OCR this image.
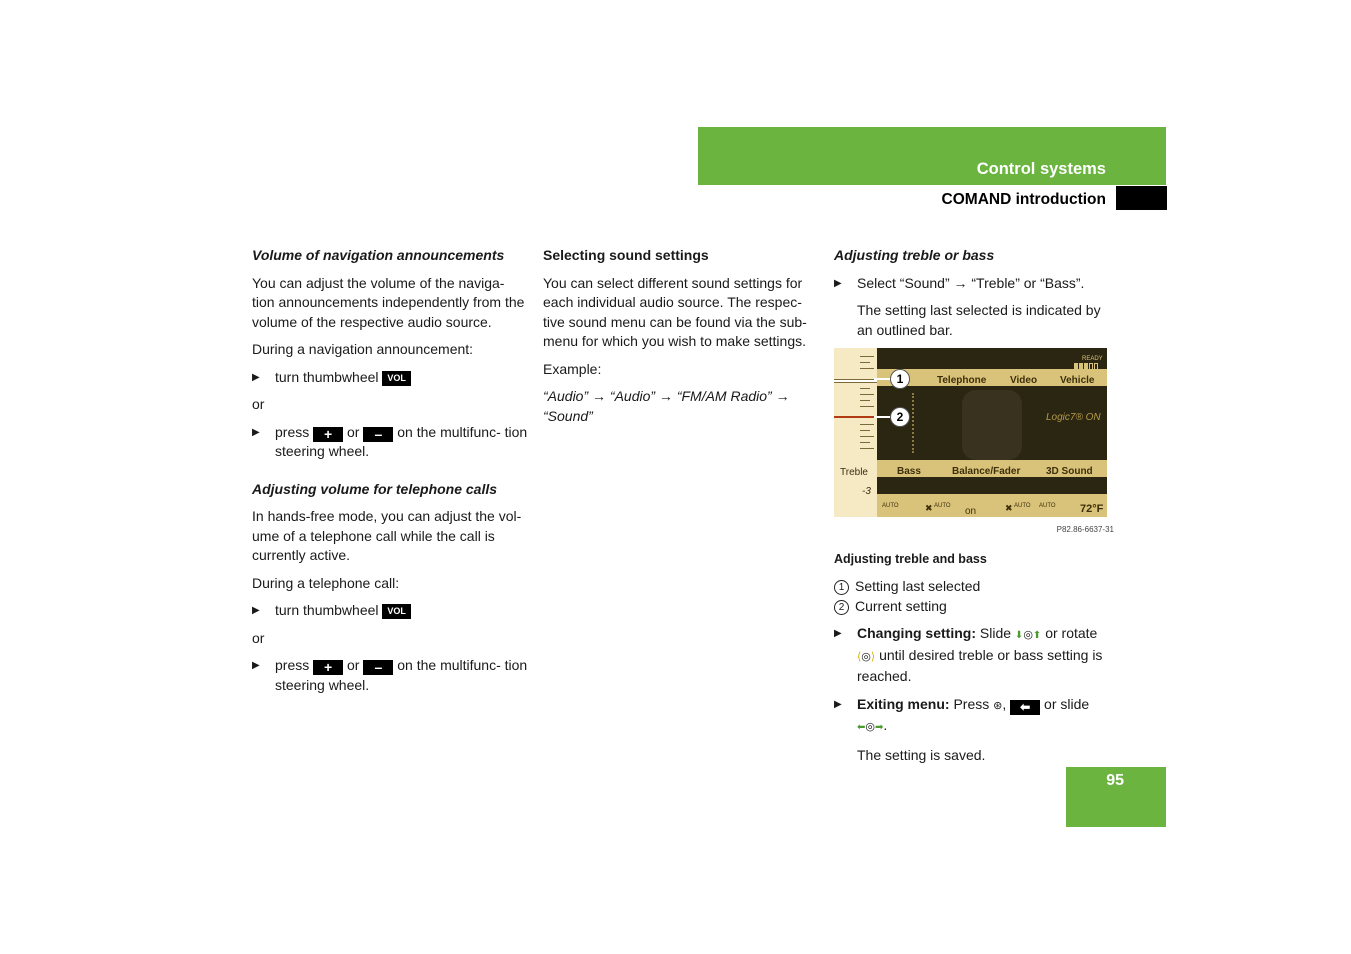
Control systems
COMAND introduction
Volume of navigation announcements

You can adjust the volume of the naviga- tion announcements independently from the volume of the respective audio source.

During a navigation announcement:

▶ turn thumbwheel VOL

or

▶ press + or – on the multifunc- tion steering wheel.
Adjusting volume for telephone calls

In hands-free mode, you can adjust the vol- ume of a telephone call while the call is currently active.

During a telephone call:

▶ turn thumbwheel VOL

or

▶ press + or – on the multifunc- tion steering wheel.
Selecting sound settings

You can select different sound settings for each individual audio source. The respec- tive sound menu can be found via the sub- menu for which you wish to make settings.

Example:

“Audio” → “Audio” → “FM/AM Radio” → “Sound”

Adjusting treble or bass
▶ Select “Sound” → “Treble” or “Bass”.

The setting last selected is indicated by an outlined bar.

Treble
-3
READY
Telephone Video Vehicle
Logic7® ON
Bass	Balance/Fader	3D Sound
AUTO	✖ AUTO on	✖ AUTO AUTO 72°F
1
2
P82.86-6637-31
Adjusting treble and bass
1 Setting last selected
2 Current setting
▶ Changing setting: Slide ⬇◎⬆ or rotate ⟨◎⟩ until desired treble or bass setting is reached.
▶ Exiting menu: Press ⊛, ⬅ or slide ⬅◎➡.

The setting is saved.

95
